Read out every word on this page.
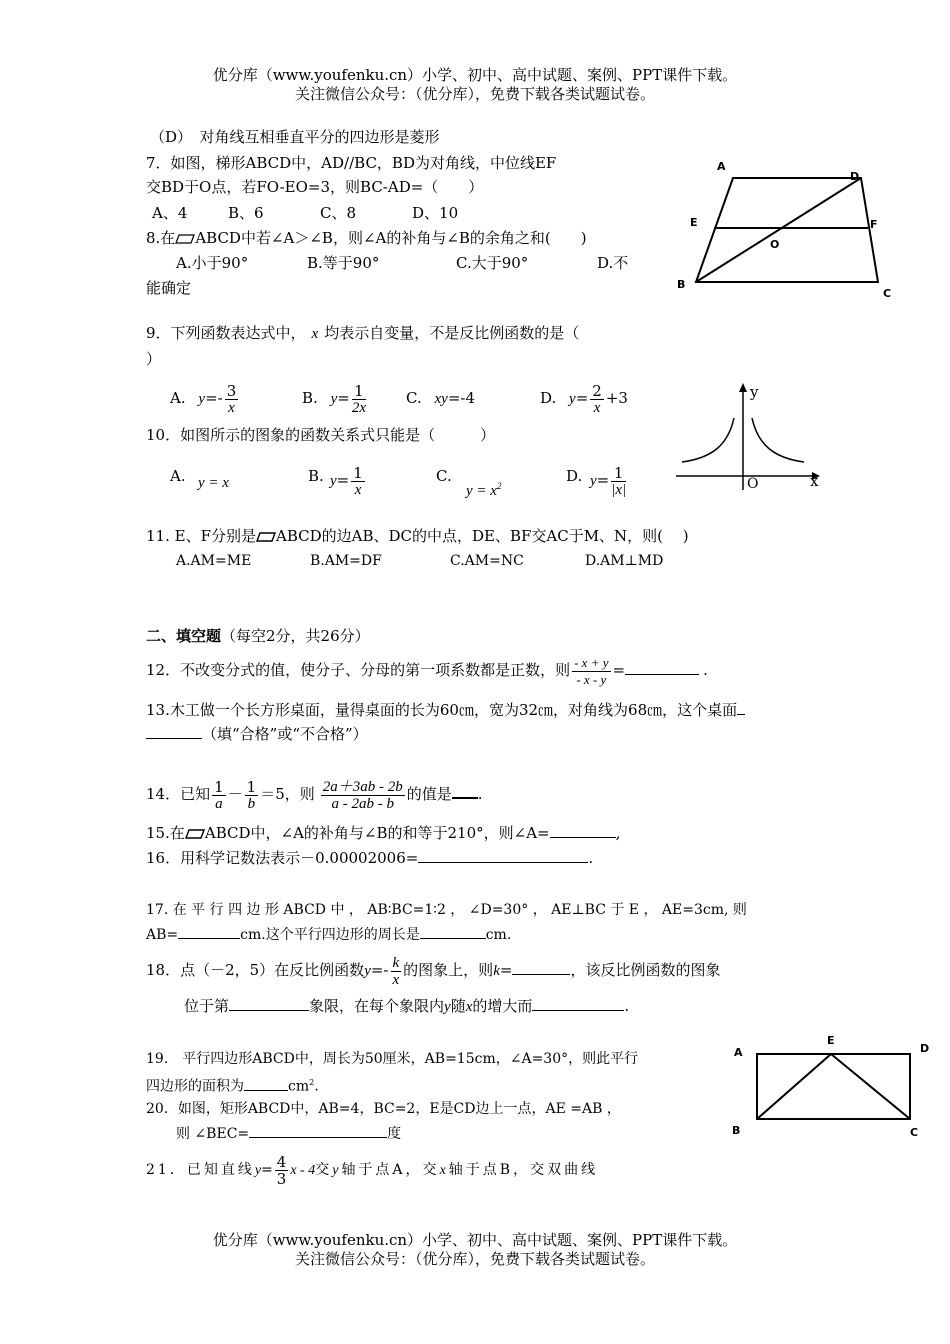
优分库（www.youfenku.cn）小学、初中、高中试题、案例、PPT课件下载。
关注微信公众号：（优分库），免费下载各类试题试卷。
（D）　对角线互相垂直平分的四边形是菱形
7．如图，梯形ABCD中，AD//BC，BD为对角线，中位线EF
交BD于O点，若FO-EO=3，则BC-AD=（　　）
A、4	B、6	C、8	D、10
8.在 ABCD中若∠A＞∠B，则∠A的补角与∠B的余角之和(　　)
A.小于90°	B.等于90°	C.大于90°	D.不
能确定
9．下列函数表达式中， x 均表示自变量，不是反比例函数的是（
）
A. $y=- \frac{3}{x}$	B. $y= \frac{1}{2x}$	C. xy=-4	D. $y= \frac{2}{x} +3$
10．如图所示的图象的函数关系式只能是（　　　）
A. y = x	B. $y= \frac{1}{x}$	C.
$y = x^2$
D. $y= \frac{1}{|x|}$
11. E、F分别是 ABCD的边AB、DC的中点，DE、BF交AC于M、N，则(　 )
A.AM=ME	B.AM=DF	C.AM=NC	D.AM⊥MD
二、填空题（每空2分，共26分）
12．不改变分式的值，使分子、分母的第一项系数都是正数，则 $\frac{- x + y}{- x - y}$ =	.
13.木工做一个长方形桌面，量得桌面的长为60㎝，宽为32㎝，对角线为68㎝，这个桌面
（填“合格”或“不合格”）
14．已知 $\frac{1}{a} - \frac{1}{b} =5$，则 $\frac{2a+3ab - 2b}{a - 2ab - b}$ 的值是 .
15.在 ABCD中，∠A的补角与∠B的和等于210°，则∠A=	,
16．用科学记数法表示－0.00002006=	.
17. 在 平 行 四 边 形 ABCD 中 ， AB∶BC=1∶2 ， ∠D=30° ， AE⊥BC 于 E ， AE=3cm, 则
AB=	cm.这个平行四边形的周长是	cm.
18．点（－2，5）在反比例函数$y=- \frac{k}{x}$ 的图象上，则k=	，该反比例函数的图象
位于第	象限，在每个象限内y随x的增大而	.
19.　平行四边形ABCD中，周长为50厘米，AB=15cm，∠A=30°，则此平行
四边形的面积为	$cm^2$.
20．如图，矩形ABCD中，AB=4，BC=2，E是CD边上一点，AE =AB ，
则 ∠BEC=	度
21．已知直线$y= \frac{4}{3}$ x - 4交y轴于点A，交x轴于点B，交双曲线
A
D
E	F
O
B
C
y
x
O
A
E
D
B	C
优分库（www.youfenku.cn）小学、初中、高中试题、案例、PPT课件下载。
关注微信公众号：（优分库），免费下载各类试题试卷。
